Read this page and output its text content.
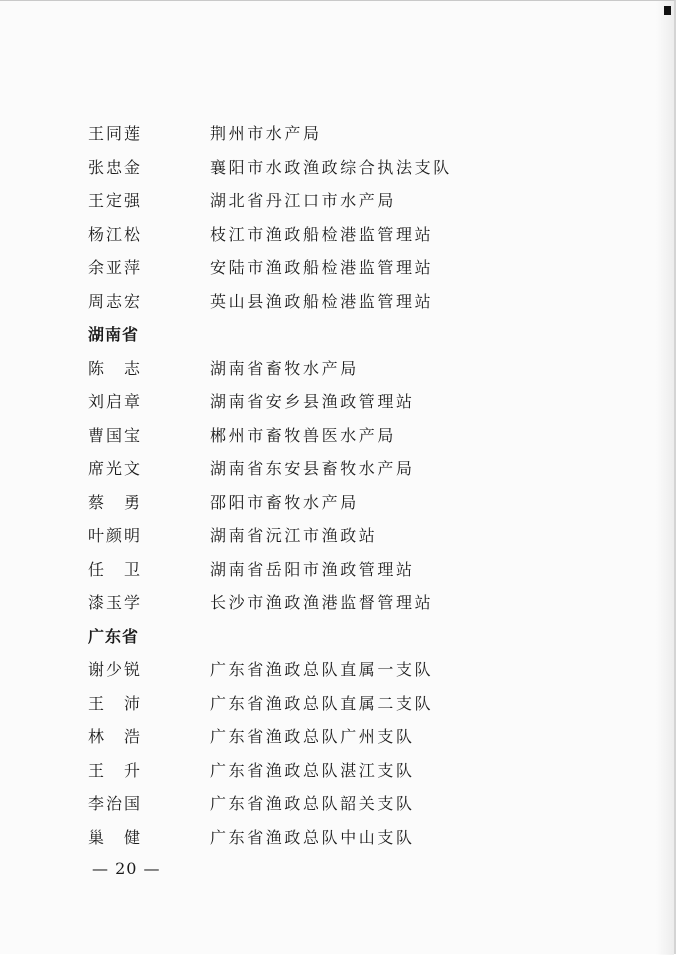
王同莲	荆州市水产局
张忠金	襄阳市水政渔政综合执法支队
王定强	湖北省丹江口市水产局
杨江松	枝江市渔政船检港监管理站
余亚萍	安陆市渔政船检港监管理站
周志宏	英山县渔政船检港监管理站
湖南省
陈　志	湖南省畜牧水产局
刘启章	湖南省安乡县渔政管理站
曹国宝	郴州市畜牧兽医水产局
席光文	湖南省东安县畜牧水产局
蔡　勇	邵阳市畜牧水产局
叶颜明	湖南省沅江市渔政站
任　卫	湖南省岳阳市渔政管理站
漆玉学	长沙市渔政渔港监督管理站
广东省
谢少锐	广东省渔政总队直属一支队
王　沛	广东省渔政总队直属二支队
林　浩	广东省渔政总队广州支队
王　升	广东省渔政总队湛江支队
李治国	广东省渔政总队韶关支队
巢　健	广东省渔政总队中山支队
— 20 —
